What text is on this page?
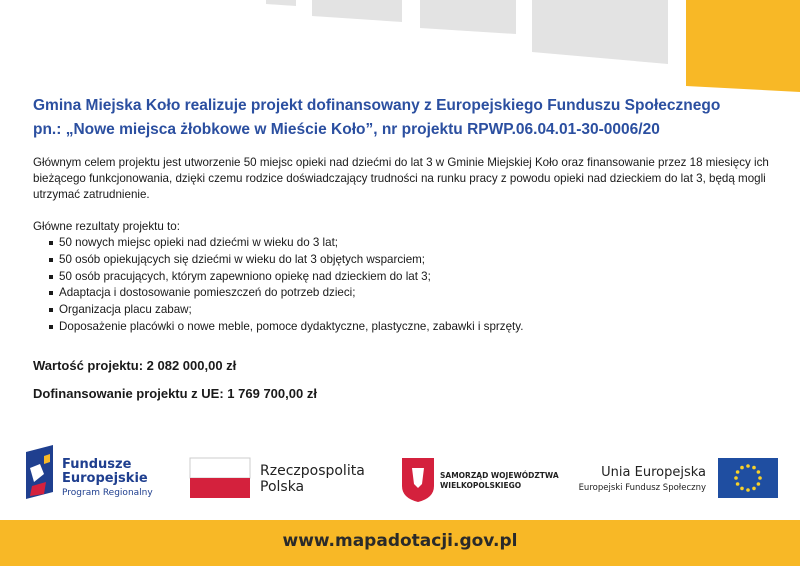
Gmina Miejska Koło realizuje projekt dofinansowany z Europejskiego Funduszu Społecznego

pn.: „Nowe miejsca żłobkowe w Mieście Koło”, nr projektu RPWP.06.04.01-30-0006/20

Głównym celem projektu jest utworzenie 50 miejsc opieki nad dziećmi do lat 3 w Gminie Miejskiej Koło oraz finansowanie przez 18 miesięcy ich bieżącego funkcjonowania, dzięki czemu rodzice doświadczający trudności na runku pracy z powodu opieki nad dzieckiem do lat 3, będą mogli utrzymać zatrudnienie.

Główne rezultaty projektu to:

50 nowych miejsc opieki nad dziećmi w wieku do 3 lat;
50 osób opiekujących się dziećmi w wieku do lat 3 objętych wsparciem;
50 osób pracujących, którym zapewniono opiekę nad dzieckiem do lat 3;
Adaptacja i dostosowanie pomieszczeń do potrzeb dzieci;
Organizacja placu zabaw;
Doposażenie placówki o nowe meble, pomoce dydaktyczne, plastyczne, zabawki i sprzęty.

Wartość projektu: 2 082 000,00 zł

Dofinansowanie projektu z UE: 1 769 700,00 zł

Fundusze
Europejskie
Program Regionalny
Rzeczpospolita
Polska
SAMORZĄD WOJEWÓDZTWA
WIELKOPOLSKIEGO
Unia Europejska
Europejski Fundusz Społeczny
www.mapadotacji.gov.pl
